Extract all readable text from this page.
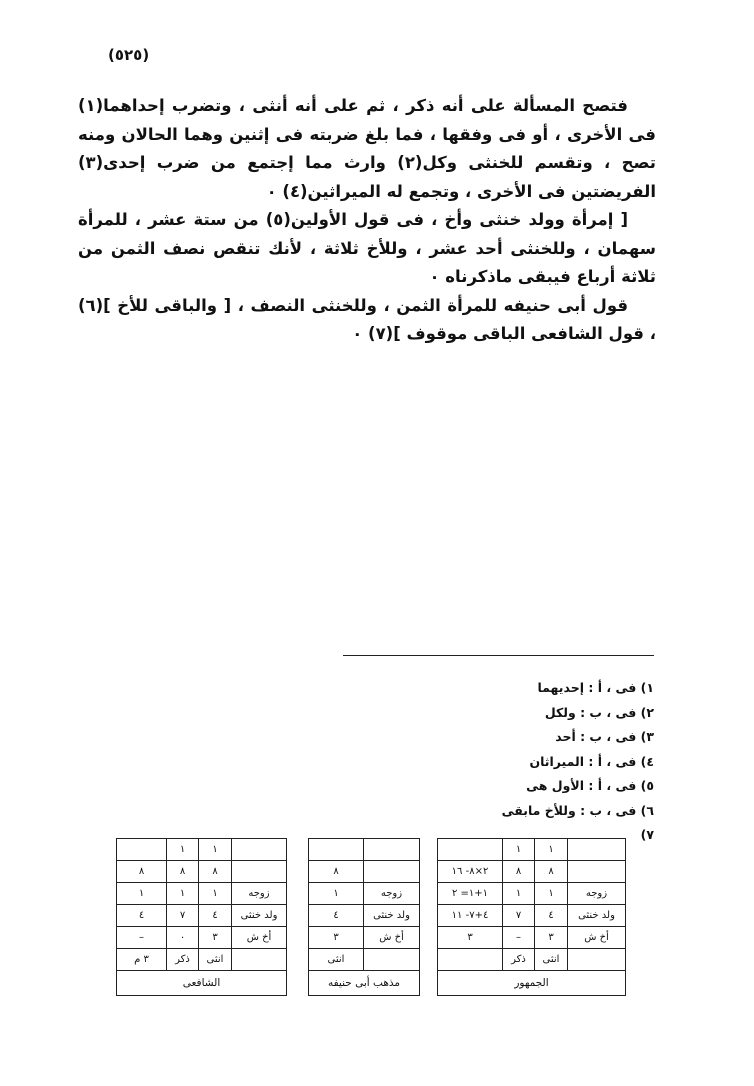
(٥٢٥)

فتصح المسألة على أنه ذكر ، ثم على أنه أنثى ، وتضرب إحداهما(١) فى الأخرى ، أو فى وفقها ، فما بلغ ضربته فى إثنين وهما الحالان ومنه تصح ، وتقسم للخنثى وكل(٢) وارث مما إجتمع من ضرب إحدى(٣) الفريضتين فى الأخرى ، وتجمع له الميراثين(٤) ٠

[ إمرأة وولد خنثى وأخ ، فى قول الأولين(٥) من ستة عشر ، للمرأة سهمان ، وللخنثى أحد عشر ، وللأخ ثلاثة ، لأنك تنقص نصف الثمن من ثلاثة أرباع فيبقى ماذكرناه ٠

قول أبى حنيفه للمرأة الثمن ، وللخنثى النصف ، [ والباقى للأخ ](٦) ، قول الشافعى الباقى موقوف ](٧) ٠

١) فى ، أ : إحديهما
٢) فى ، ب : ولكل
٣) فى ، ب : أحد
٤) فى ، أ : الميراثان
٥) فى ، أ : الأول هى
٦) فى ، ب : وللأخ مابقى
٧)
	١	١	
	٨	٨	٢×٨- ١٦
زوجه	١	١	١+١= ٢
ولد خنثى	٤	٧	٤+٧- ١١
أخ ش	٣	–	٣
	انثى	ذكر	
الجمهور			

	٨
زوجه	١
ولد خنثى	٤
أخ ش	٣
	انثى
مذهب أبى حنيفه	
	١	١	
	٨	٨	٨
زوجه	١	١	١
ولد خنثى	٤	٧	٤
أخ ش	٣	٠	–
	انثى	ذكر	٣ م
الشافعى			
